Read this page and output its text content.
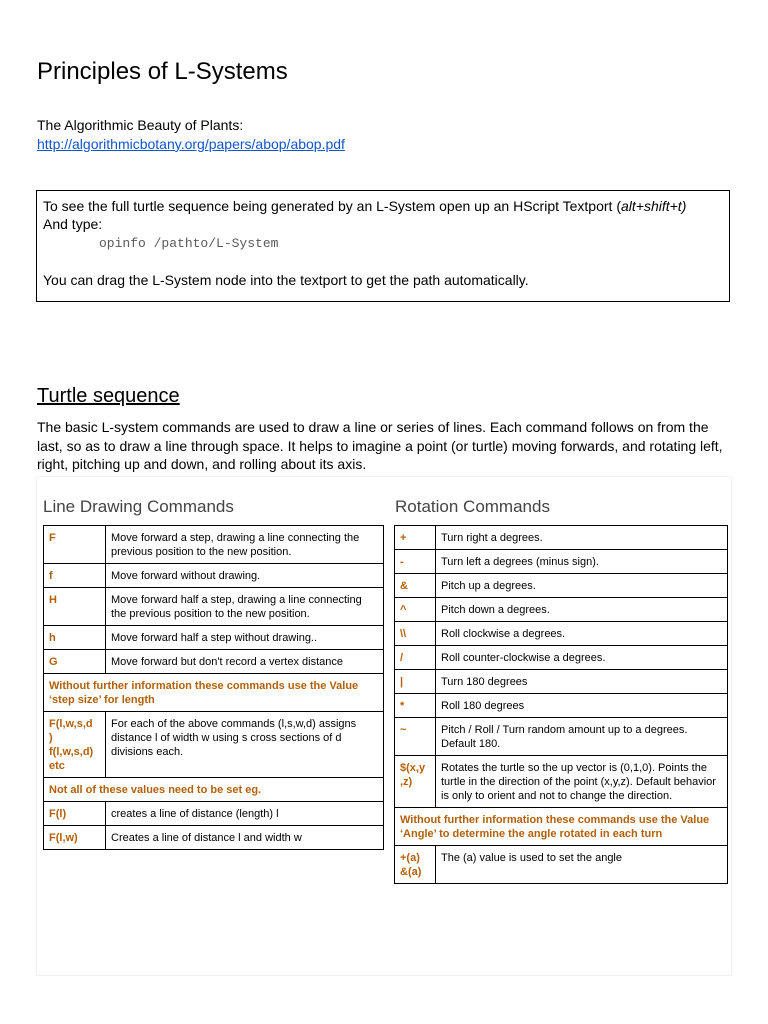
Principles of L-Systems
The Algorithmic Beauty of Plants:
http://algorithmicbotany.org/papers/abop/abop.pdf
To see the full turtle sequence being generated by an L-System open up an HScript Textport (alt+shift+t)
And type:
opinfo /pathto/L-System
You can drag the L-System node into the textport to get the path automatically.
Turtle sequence
The basic L-system commands are used to draw a line or series of lines. Each command follows on from the last, so as to draw a line through space. It helps to imagine a point (or turtle) moving forwards, and rotating left, right, pitching up and down, and rolling about its axis.
Line Drawing Commands	Rotation Commands
F	Move forward a step, drawing a line connecting the previous position to the new position.
f	Move forward without drawing.
H	Move forward half a step, drawing a line connecting the previous position to the new position.
h	Move forward half a step without drawing..
G	Move forward but don't record a vertex distance
Without further information these commands use the Value ‘step size’ for length	
F(l,w,s,d
)
f(l,w,s,d)
etc	For each of the above commands (l,s,w,d) assigns distance l of width w using s cross sections of d divisions each.
Not all of these values need to be set eg.	
F(l)	creates a line of distance (length) l
F(l,w)	Creates a line of distance l and width w
+	Turn right a degrees.
-	Turn left a degrees (minus sign).
&	Pitch up a degrees.
^	Pitch down a degrees.
\\	Roll clockwise a degrees.
/	Roll counter-clockwise a degrees.
|	Turn 180 degrees
*	Roll 180 degrees
~	Pitch / Roll / Turn random amount up to a degrees. Default 180.
$(x,y
,z)	Rotates the turtle so the up vector is (0,1,0). Points the turtle in the direction of the point (x,y,z). Default behavior is only to orient and not to change the direction.
Without further information these commands use the Value ‘Angle’ to determine the angle rotated in each turn	
+(a)
&(a)	The (a) value is used to set the angle
